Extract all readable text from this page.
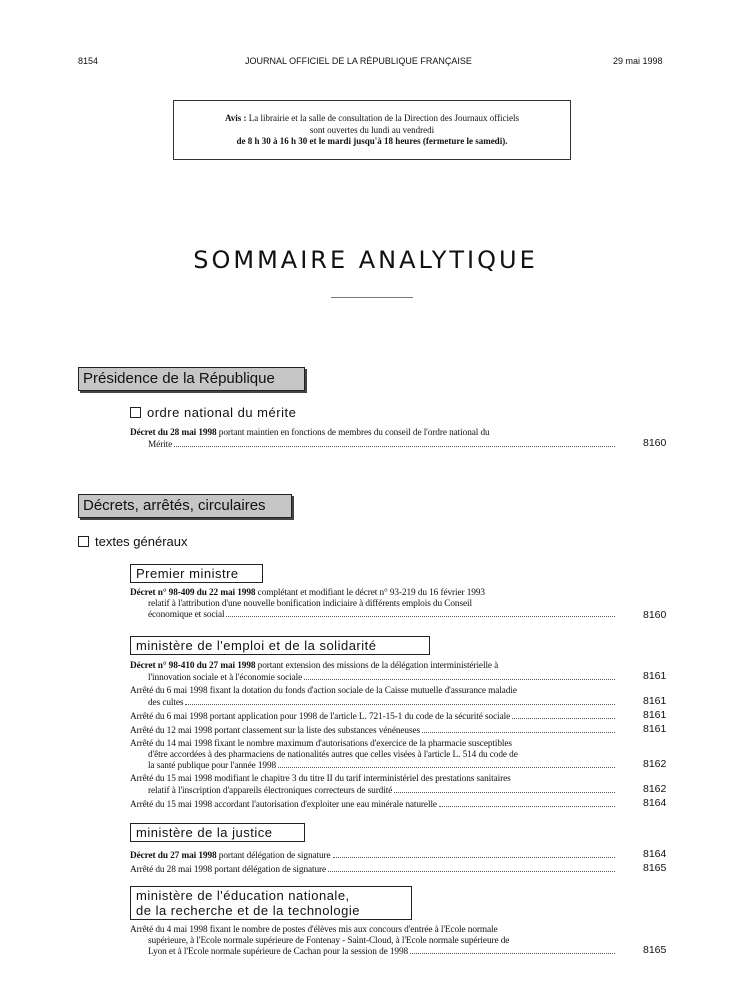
8154	JOURNAL OFFICIEL DE LA RÉPUBLIQUE FRANÇAISE	29 mai 1998
Avis : La librairie et la salle de consultation de la Direction des Journaux officiels
sont ouvertes du lundi au vendredi
de 8 h 30 à 16 h 30 et le mardi jusqu'à 18 heures (fermeture le samedi).
SOMMAIRE ANALYTIQUE
Présidence de la République
ordre national du mérite
Décret du 28 mai 1998 portant maintien en fonctions de membres du conseil de l'ordre national du
Mérite	8160
Décrets, arrêtés, circulaires
textes généraux
Premier ministre
Décret n° 98-409 du 22 mai 1998 complétant et modifiant le décret n° 93-219 du 16 février 1993
relatif à l'attribution d'une nouvelle bonification indiciaire à différents emplois du Conseil
économique et social	8160
ministère de l'emploi et de la solidarité
Décret n° 98-410 du 27 mai 1998 portant extension des missions de la délégation interministérielle à
l'innovation sociale et à l'économie sociale	8161
Arrêté du 6 mai 1998 fixant la dotation du fonds d'action sociale de la Caisse mutuelle d'assurance maladie
des cultes	8161
Arrêté du 6 mai 1998 portant application pour 1998 de l'article L. 721-15-1 du code de la sécurité sociale	8161
Arrêté du 12 mai 1998 portant classement sur la liste des substances vénéneuses	8161
Arrêté du 14 mai 1998 fixant le nombre maximum d'autorisations d'exercice de la pharmacie susceptibles
d'être accordées à des pharmaciens de nationalités autres que celles visées à l'article L. 514 du code de
la santé publique pour l'année 1998	8162
Arrêté du 15 mai 1998 modifiant le chapitre 3 du titre II du tarif interministériel des prestations sanitaires
relatif à l'inscription d'appareils électroniques correcteurs de surdité	8162
Arrêté du 15 mai 1998 accordant l'autorisation d'exploiter une eau minérale naturelle	8164
ministère de la justice
Décret du 27 mai 1998 portant délégation de signature	8164
Arrêté du 28 mai 1998 portant délégation de signature	8165
ministère de l'éducation nationale,
de la recherche et de la technologie
Arrêté du 4 mai 1998 fixant le nombre de postes d'élèves mis aux concours d'entrée à l'Ecole normale
supérieure, à l'Ecole normale supérieure de Fontenay - Saint-Cloud, à l'Ecole normale supérieure de
Lyon et à l'Ecole normale supérieure de Cachan pour la session de 1998	8165
